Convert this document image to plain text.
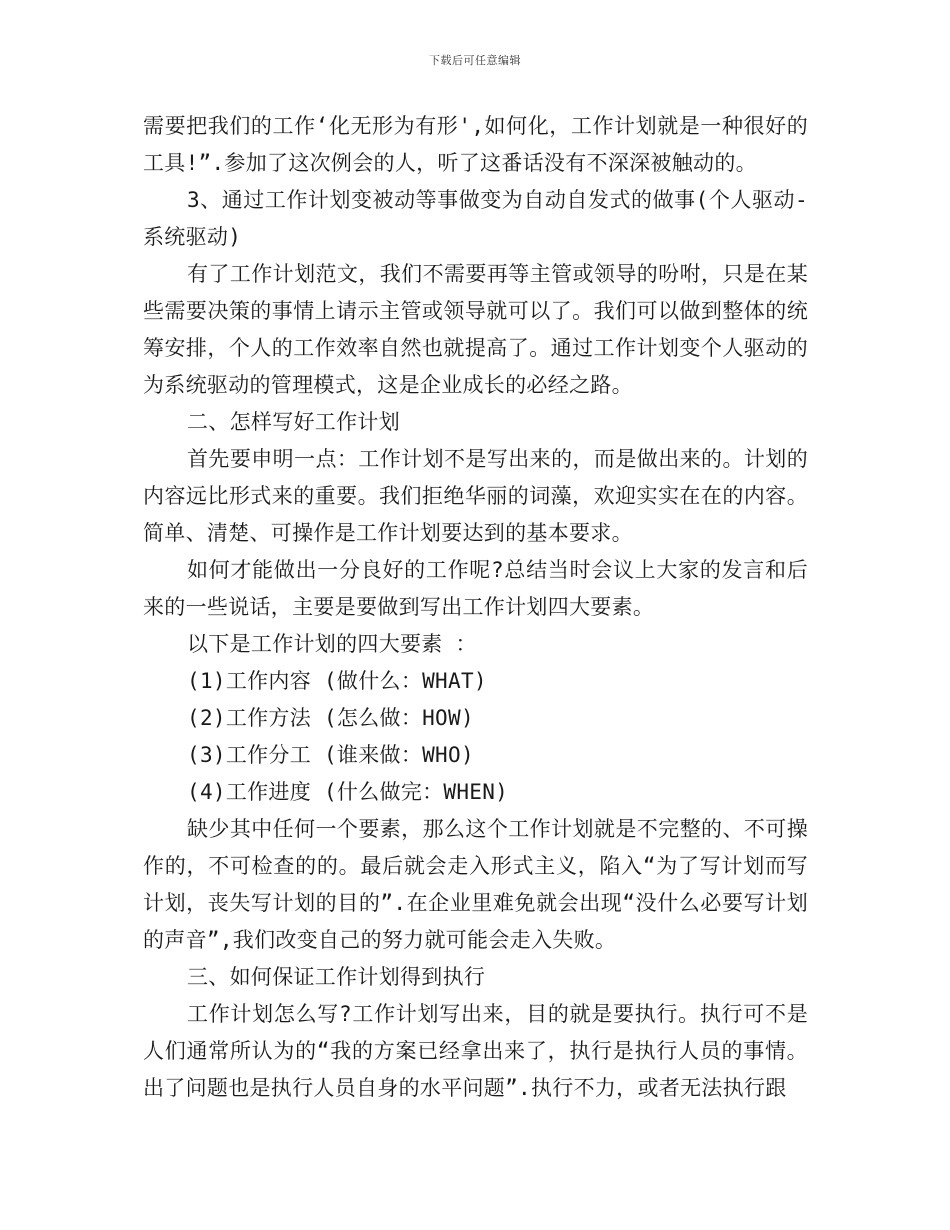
下载后可任意编辑

需要把我们的工作‘化无形为有形',如何化，工作计划就是一种很好的工具!”.参加了这次例会的人，听了这番话没有不深深被触动的。

3、通过工作计划变被动等事做变为自动自发式的做事(个人驱动-系统驱动)

有了工作计划范文，我们不需要再等主管或领导的吩咐，只是在某些需要决策的事情上请示主管或领导就可以了。我们可以做到整体的统筹安排，个人的工作效率自然也就提高了。通过工作计划变个人驱动的为系统驱动的管理模式，这是企业成长的必经之路。

二、怎样写好工作计划

首先要申明一点：工作计划不是写出来的，而是做出来的。计划的内容远比形式来的重要。我们拒绝华丽的词藻，欢迎实实在在的内容。简单、清楚、可操作是工作计划要达到的基本要求。

如何才能做出一分良好的工作呢?总结当时会议上大家的发言和后来的一些说话，主要是要做到写出工作计划四大要素。

以下是工作计划的四大要素 ：

(1)工作内容 (做什么：WHAT)

(2)工作方法 (怎么做：HOW)

(3)工作分工 (谁来做：WHO)

(4)工作进度 (什么做完：WHEN)

缺少其中任何一个要素，那么这个工作计划就是不完整的、不可操作的，不可检查的的。最后就会走入形式主义，陷入“为了写计划而写计划，丧失写计划的目的”.在企业里难免就会出现“没什么必要写计划的声音”,我们改变自己的努力就可能会走入失败。

三、如何保证工作计划得到执行

工作计划怎么写?工作计划写出来，目的就是要执行。执行可不是人们通常所认为的“我的方案已经拿出来了，执行是执行人员的事情。出了问题也是执行人员自身的水平问题”.执行不力，或者无法执行跟
